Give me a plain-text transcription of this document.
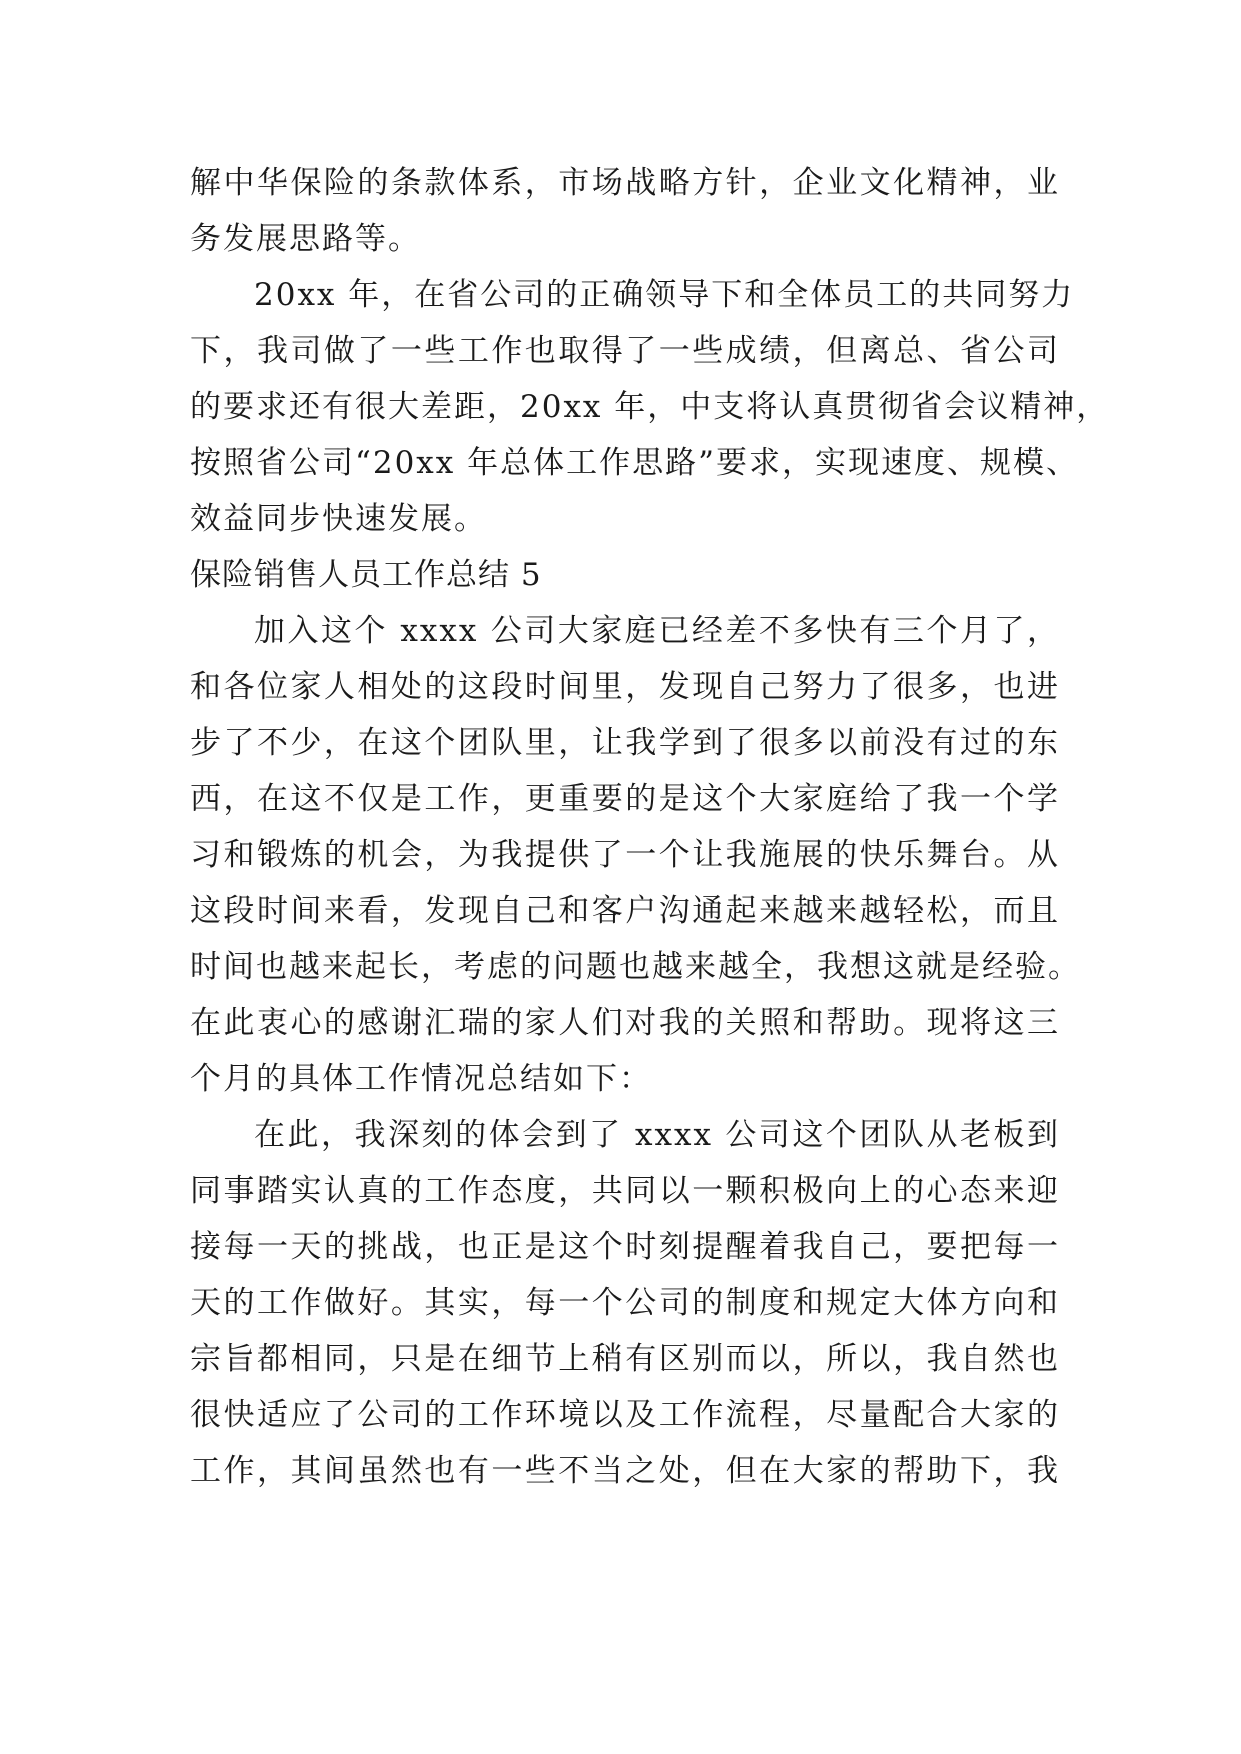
解中华保险的条款体系，市场战略方针，企业文化精神，业
务发展思路等。
20xx 年，在省公司的正确领导下和全体员工的共同努力
下，我司做了一些工作也取得了一些成绩，但离总、省公司
的要求还有很大差距，20xx 年，中支将认真贯彻省会议精神，
按照省公司“20xx 年总体工作思路”要求，实现速度、规模、
效益同步快速发展。
保险销售人员工作总结 5
加入这个 xxxx 公司大家庭已经差不多快有三个月了，
和各位家人相处的这段时间里，发现自己努力了很多，也进
步了不少，在这个团队里，让我学到了很多以前没有过的东
西，在这不仅是工作，更重要的是这个大家庭给了我一个学
习和锻炼的机会，为我提供了一个让我施展的快乐舞台。从
这段时间来看，发现自己和客户沟通起来越来越轻松，而且
时间也越来起长，考虑的问题也越来越全，我想这就是经验。
在此衷心的感谢汇瑞的家人们对我的关照和帮助。现将这三
个月的具体工作情况总结如下：
在此，我深刻的体会到了 xxxx 公司这个团队从老板到
同事踏实认真的工作态度，共同以一颗积极向上的心态来迎
接每一天的挑战，也正是这个时刻提醒着我自己，要把每一
天的工作做好。其实，每一个公司的制度和规定大体方向和
宗旨都相同，只是在细节上稍有区别而以，所以，我自然也
很快适应了公司的工作环境以及工作流程，尽量配合大家的
工作，其间虽然也有一些不当之处，但在大家的帮助下，我
